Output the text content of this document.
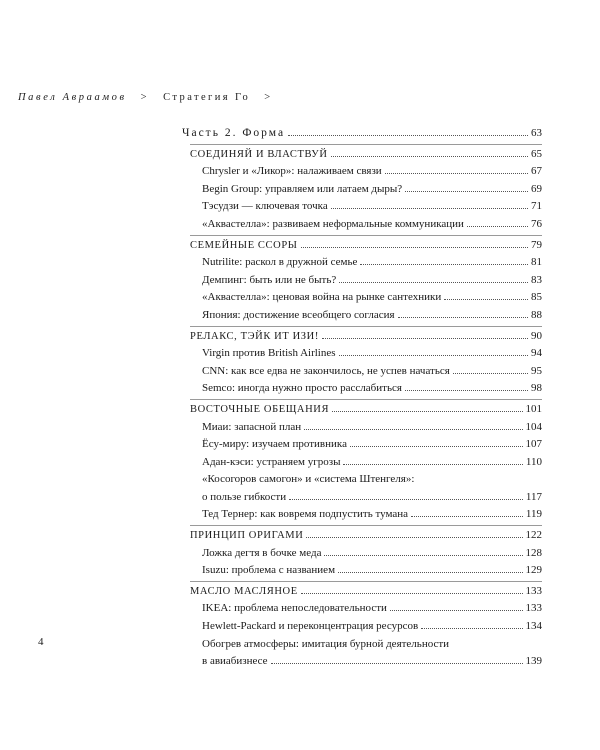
Павел Авраамов > Стратегия Го >
Часть 2. Форма	63
СОЕДИНЯЙ И ВЛАСТВУЙ	65
Chrysler и «Ликор»: налаживаем связи	67
Begin Group: управляем или латаем дыры?	69
Тэсудзи — ключевая точка	71
«Аквастелла»: развиваем неформальные коммуникации	76
СЕМЕЙНЫЕ ССОРЫ	79
Nutrilite: раскол в дружной семье	81
Демпинг: быть или не быть?	83
«Аквастелла»: ценовая война на рынке сантехники	85
Япония: достижение всеобщего согласия	88
РЕЛАКС, ТЭЙК ИТ ИЗИ!	90
Virgin против British Airlines	94
CNN: как все едва не закончилось, не успев начаться	95
Semco: иногда нужно просто расслабиться	98
ВОСТОЧНЫЕ ОБЕЩАНИЯ	101
Миаи: запасной план	104
Ёсу-миру: изучаем противника	107
Адан-кэси: устраняем угрозы	110
«Косогоров самогон» и «система Штенгеля»:
о пользе гибкости	117
Тед Тернер: как вовремя подпустить тумана	119
ПРИНЦИП ОРИГАМИ	122
Ложка дегтя в бочке меда	128
Isuzu: проблема с названием	129
МАСЛО МАСЛЯНОЕ	133
IKEA: проблема непоследовательности	133
Hewlett-Packard и переконцентрация ресурсов	134
Обогрев атмосферы: имитация бурной деятельности
в авиабизнесе	139
4
